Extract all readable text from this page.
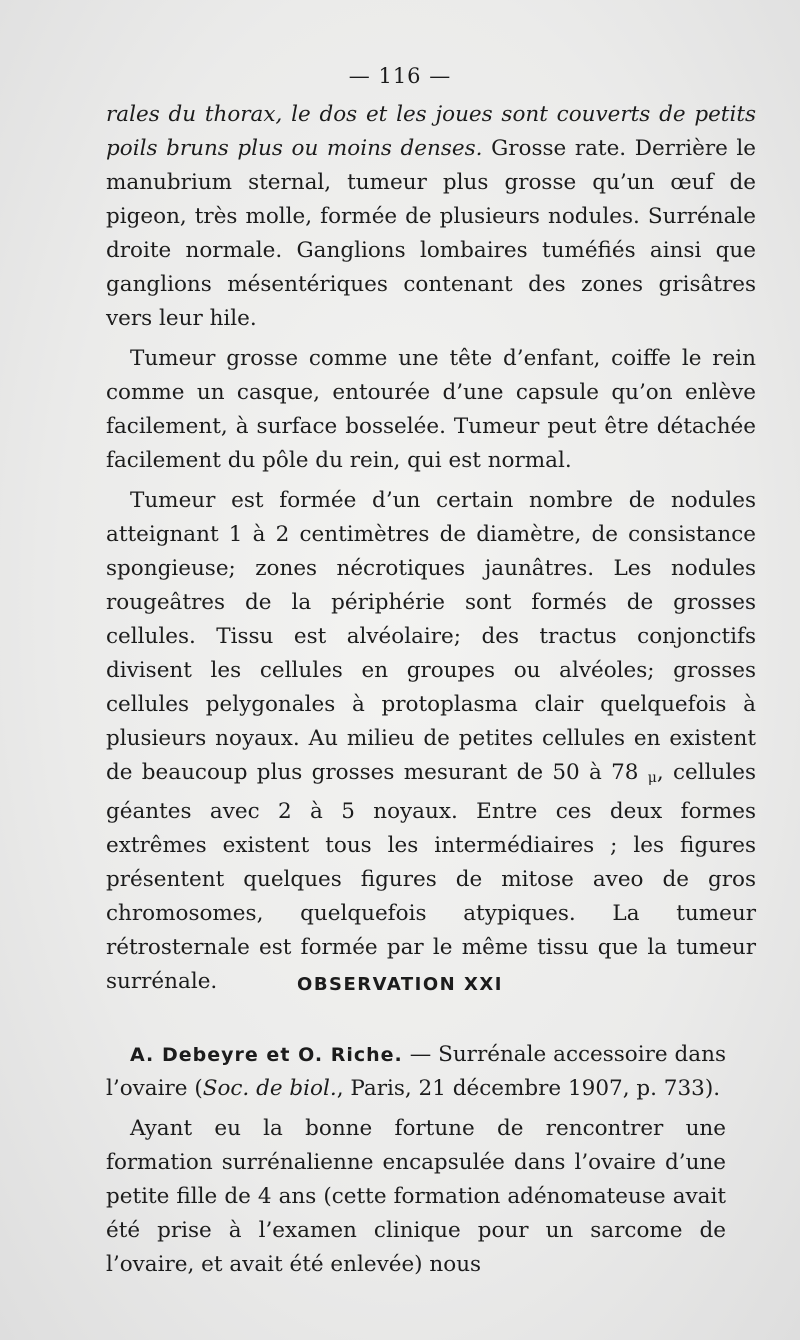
— 116 —

rales du thorax, le dos et les joues sont couverts de petits poils bruns plus ou moins denses. Grosse rate. Derrière le manubrium sternal, tumeur plus grosse qu’un œuf de pigeon, très molle, formée de plusieurs nodules. Surrénale droite normale. Ganglions lombaires tuméfiés ainsi que ganglions mésentériques contenant des zones grisâtres vers leur hile.

Tumeur grosse comme une tête d’enfant, coiffe le rein comme un casque, entourée d’une capsule qu’on enlève facilement, à surface bosselée. Tumeur peut être détachée facilement du pôle du rein, qui est normal.

Tumeur est formée d’un certain nombre de nodules atteignant 1 à 2 centimètres de diamètre, de consistance spongieuse; zones nécrotiques jaunâtres. Les nodules rougeâtres de la périphérie sont formés de grosses cellules. Tissu est alvéolaire; des tractus conjonctifs divisent les cellules en groupes ou alvéoles; grosses cellules pelygonales à protoplasma clair quelquefois à plusieurs noyaux. Au milieu de petites cellules en existent de beaucoup plus grosses mesurant de 50 à 78 μ, cellules géantes avec 2 à 5 noyaux. Entre ces deux formes extrêmes existent tous les intermédiaires ; les figures présentent quelques figures de mitose aveo de gros chromosomes, quelquefois atypiques. La tumeur rétrosternale est formée par le même tissu que la tumeur surrénale.	OBSERVATION XXI

A. Debeyre et O. Riche. — Surrénale accessoire dans l’ovaire (Soc. de biol., Paris, 21 décembre 1907, p. 733).

Ayant eu la bonne fortune de rencontrer une formation surrénalienne encapsulée dans l’ovaire d’une petite fille de 4 ans (cette formation adénomateuse avait été prise à l’examen clinique pour un sarcome de l’ovaire, et avait été enlevée) nous
